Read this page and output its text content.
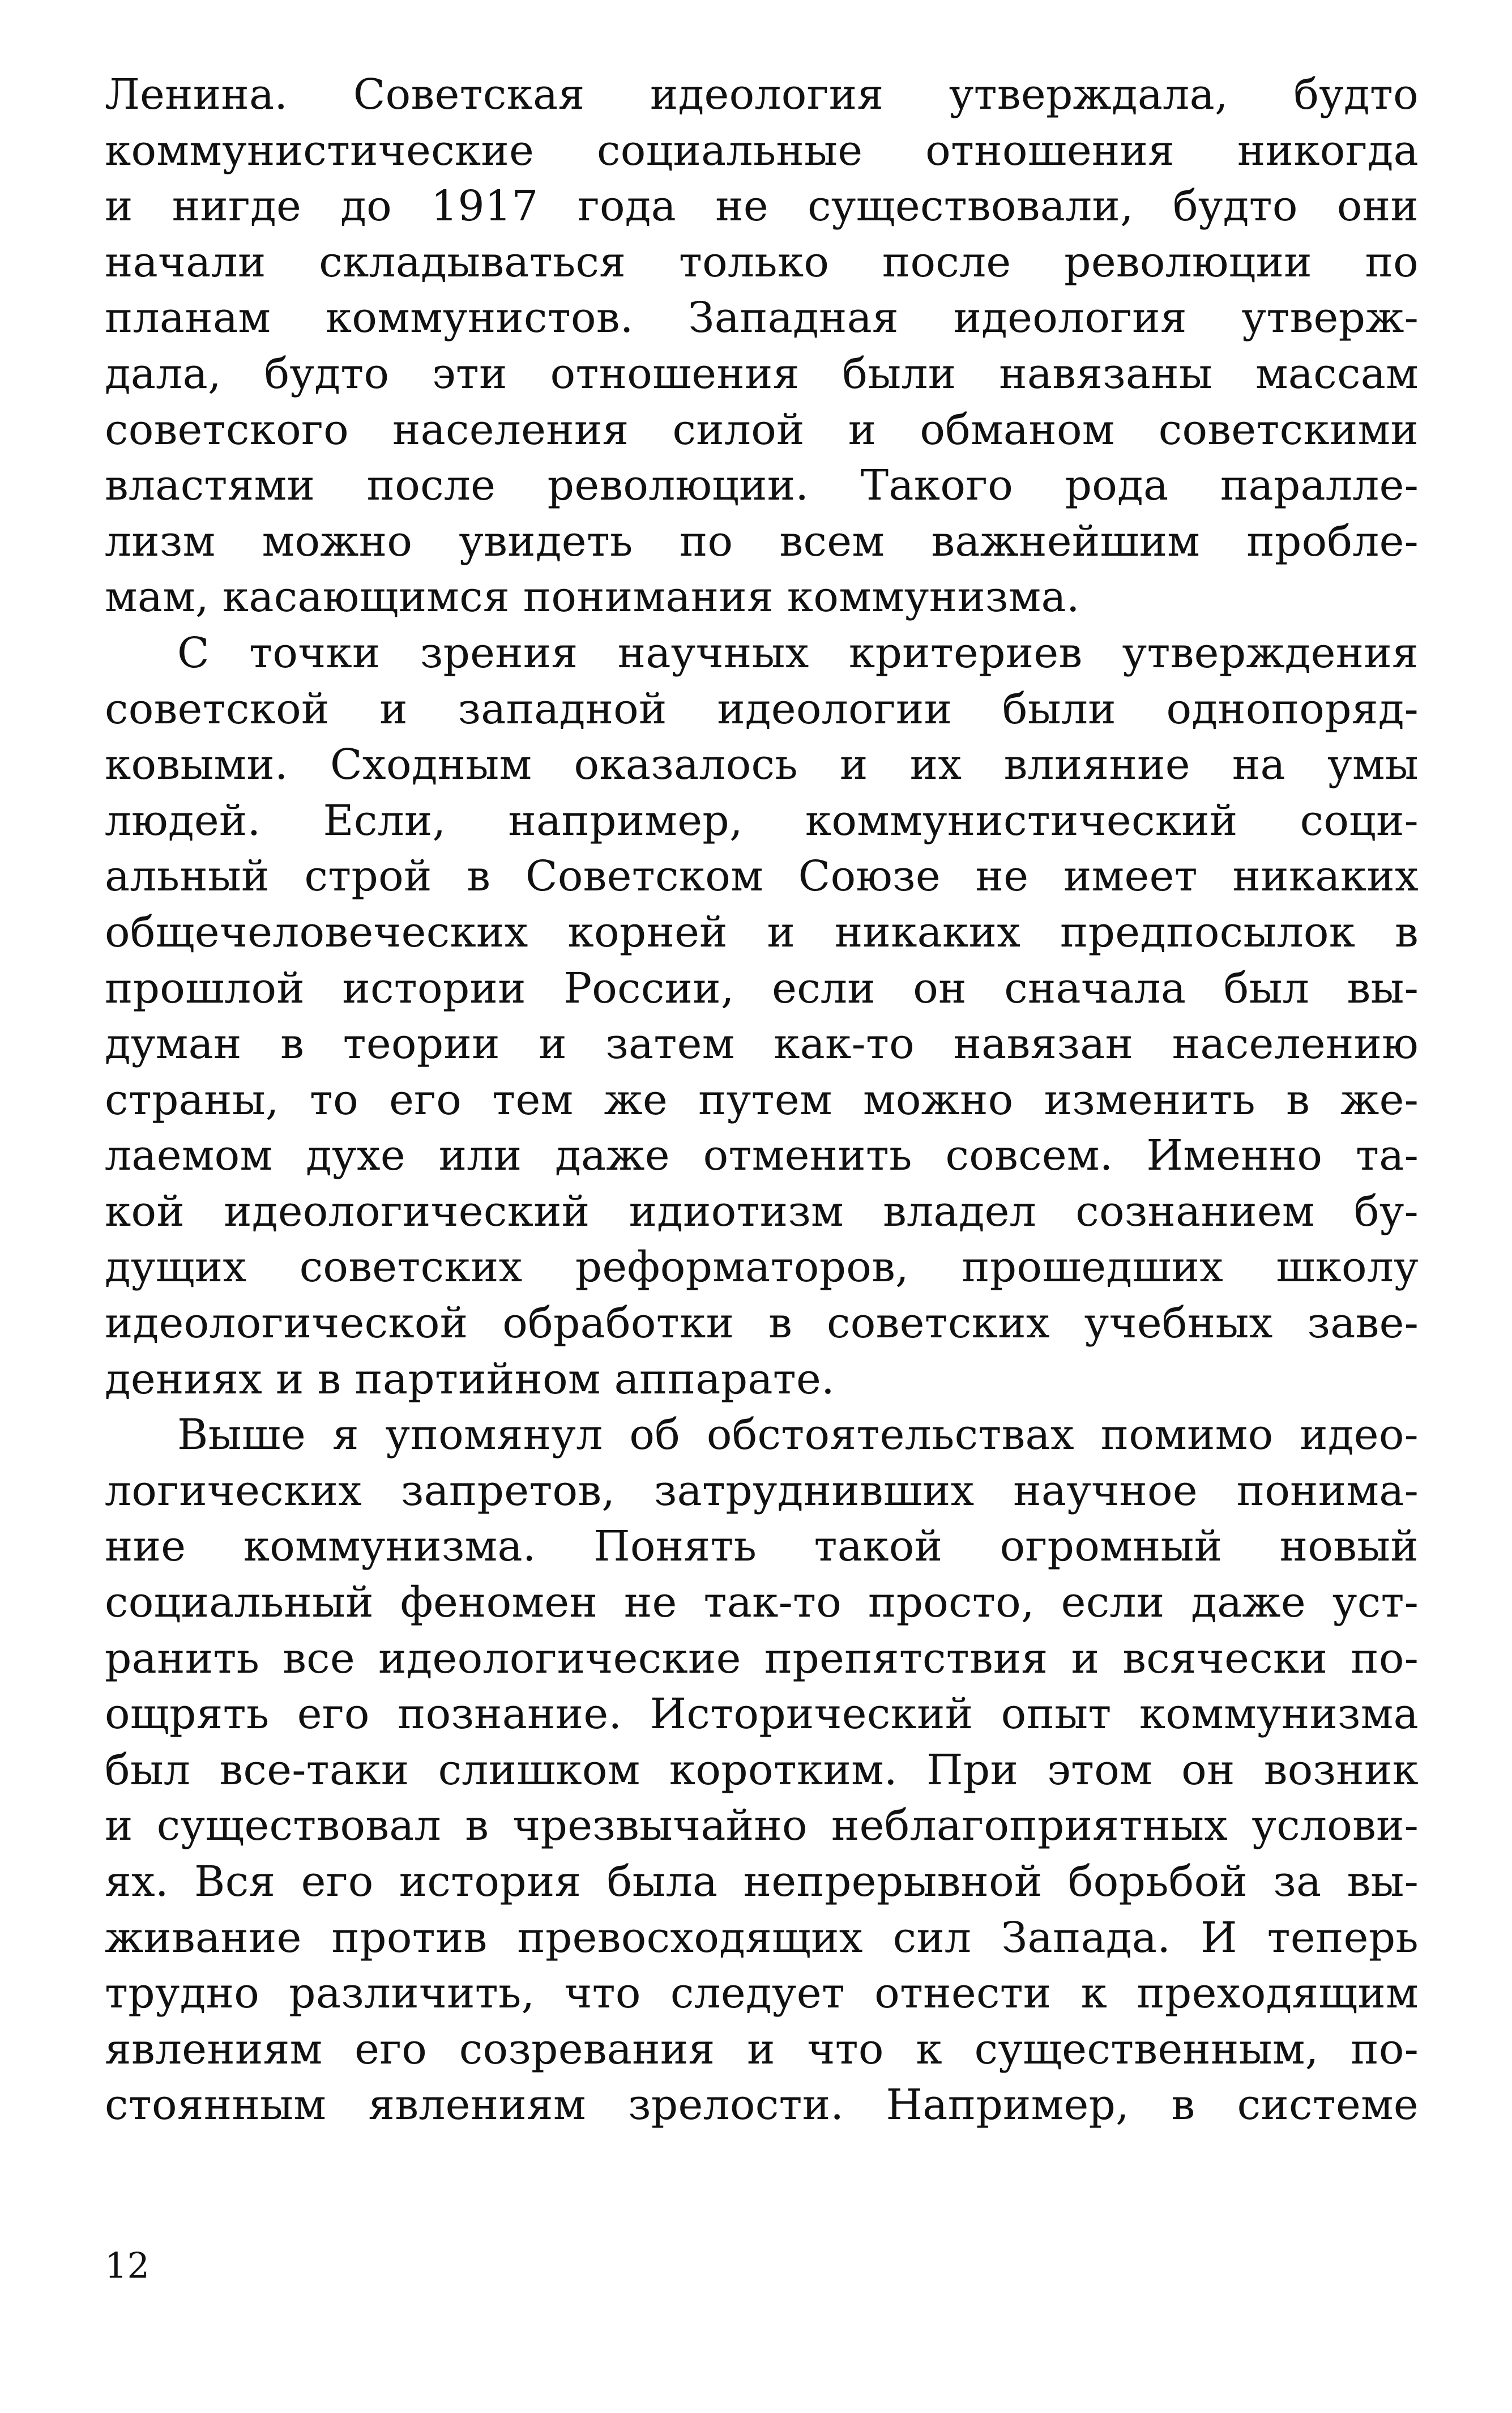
Ленина. Советская идеология утверждала, будто
коммунистические социальные отношения никогда
и нигде до 1917 года не существовали, будто они
начали складываться только после революции по
планам коммунистов. Западная идеология утверж-
дала, будто эти отношения были навязаны массам
советского населения силой и обманом советскими
властями после революции. Такого рода паралле-
лизм можно увидеть по всем важнейшим пробле-
мам, касающимся понимания коммунизма.
С точки зрения научных критериев утверждения
советской и западной идеологии были однопоряд-
ковыми. Сходным оказалось и их влияние на умы
людей. Если, например, коммунистический соци-
альный строй в Советском Союзе не имеет никаких
общечеловеческих корней и никаких предпосылок в
прошлой истории России, если он сначала был вы-
думан в теории и затем как-то навязан населению
страны, то его тем же путем можно изменить в же-
лаемом духе или даже отменить совсем. Именно та-
кой идеологический идиотизм владел сознанием бу-
дущих советских реформаторов, прошедших школу
идеологической обработки в советских учебных заве-
дениях и в партийном аппарате.
Выше я упомянул об обстоятельствах помимо идео-
логических запретов, затруднивших научное понима-
ние коммунизма. Понять такой огромный новый
социальный феномен не так-то просто, если даже уст-
ранить все идеологические препятствия и всячески по-
ощрять его познание. Исторический опыт коммунизма
был все-таки слишком коротким. При этом он возник
и существовал в чрезвычайно неблагоприятных услови-
ях. Вся его история была непрерывной борьбой за вы-
живание против превосходящих сил Запада. И теперь
трудно различить, что следует отнести к преходящим
явлениям его созревания и что к существенным, по-
стоянным явлениям зрелости. Например, в системе
12
